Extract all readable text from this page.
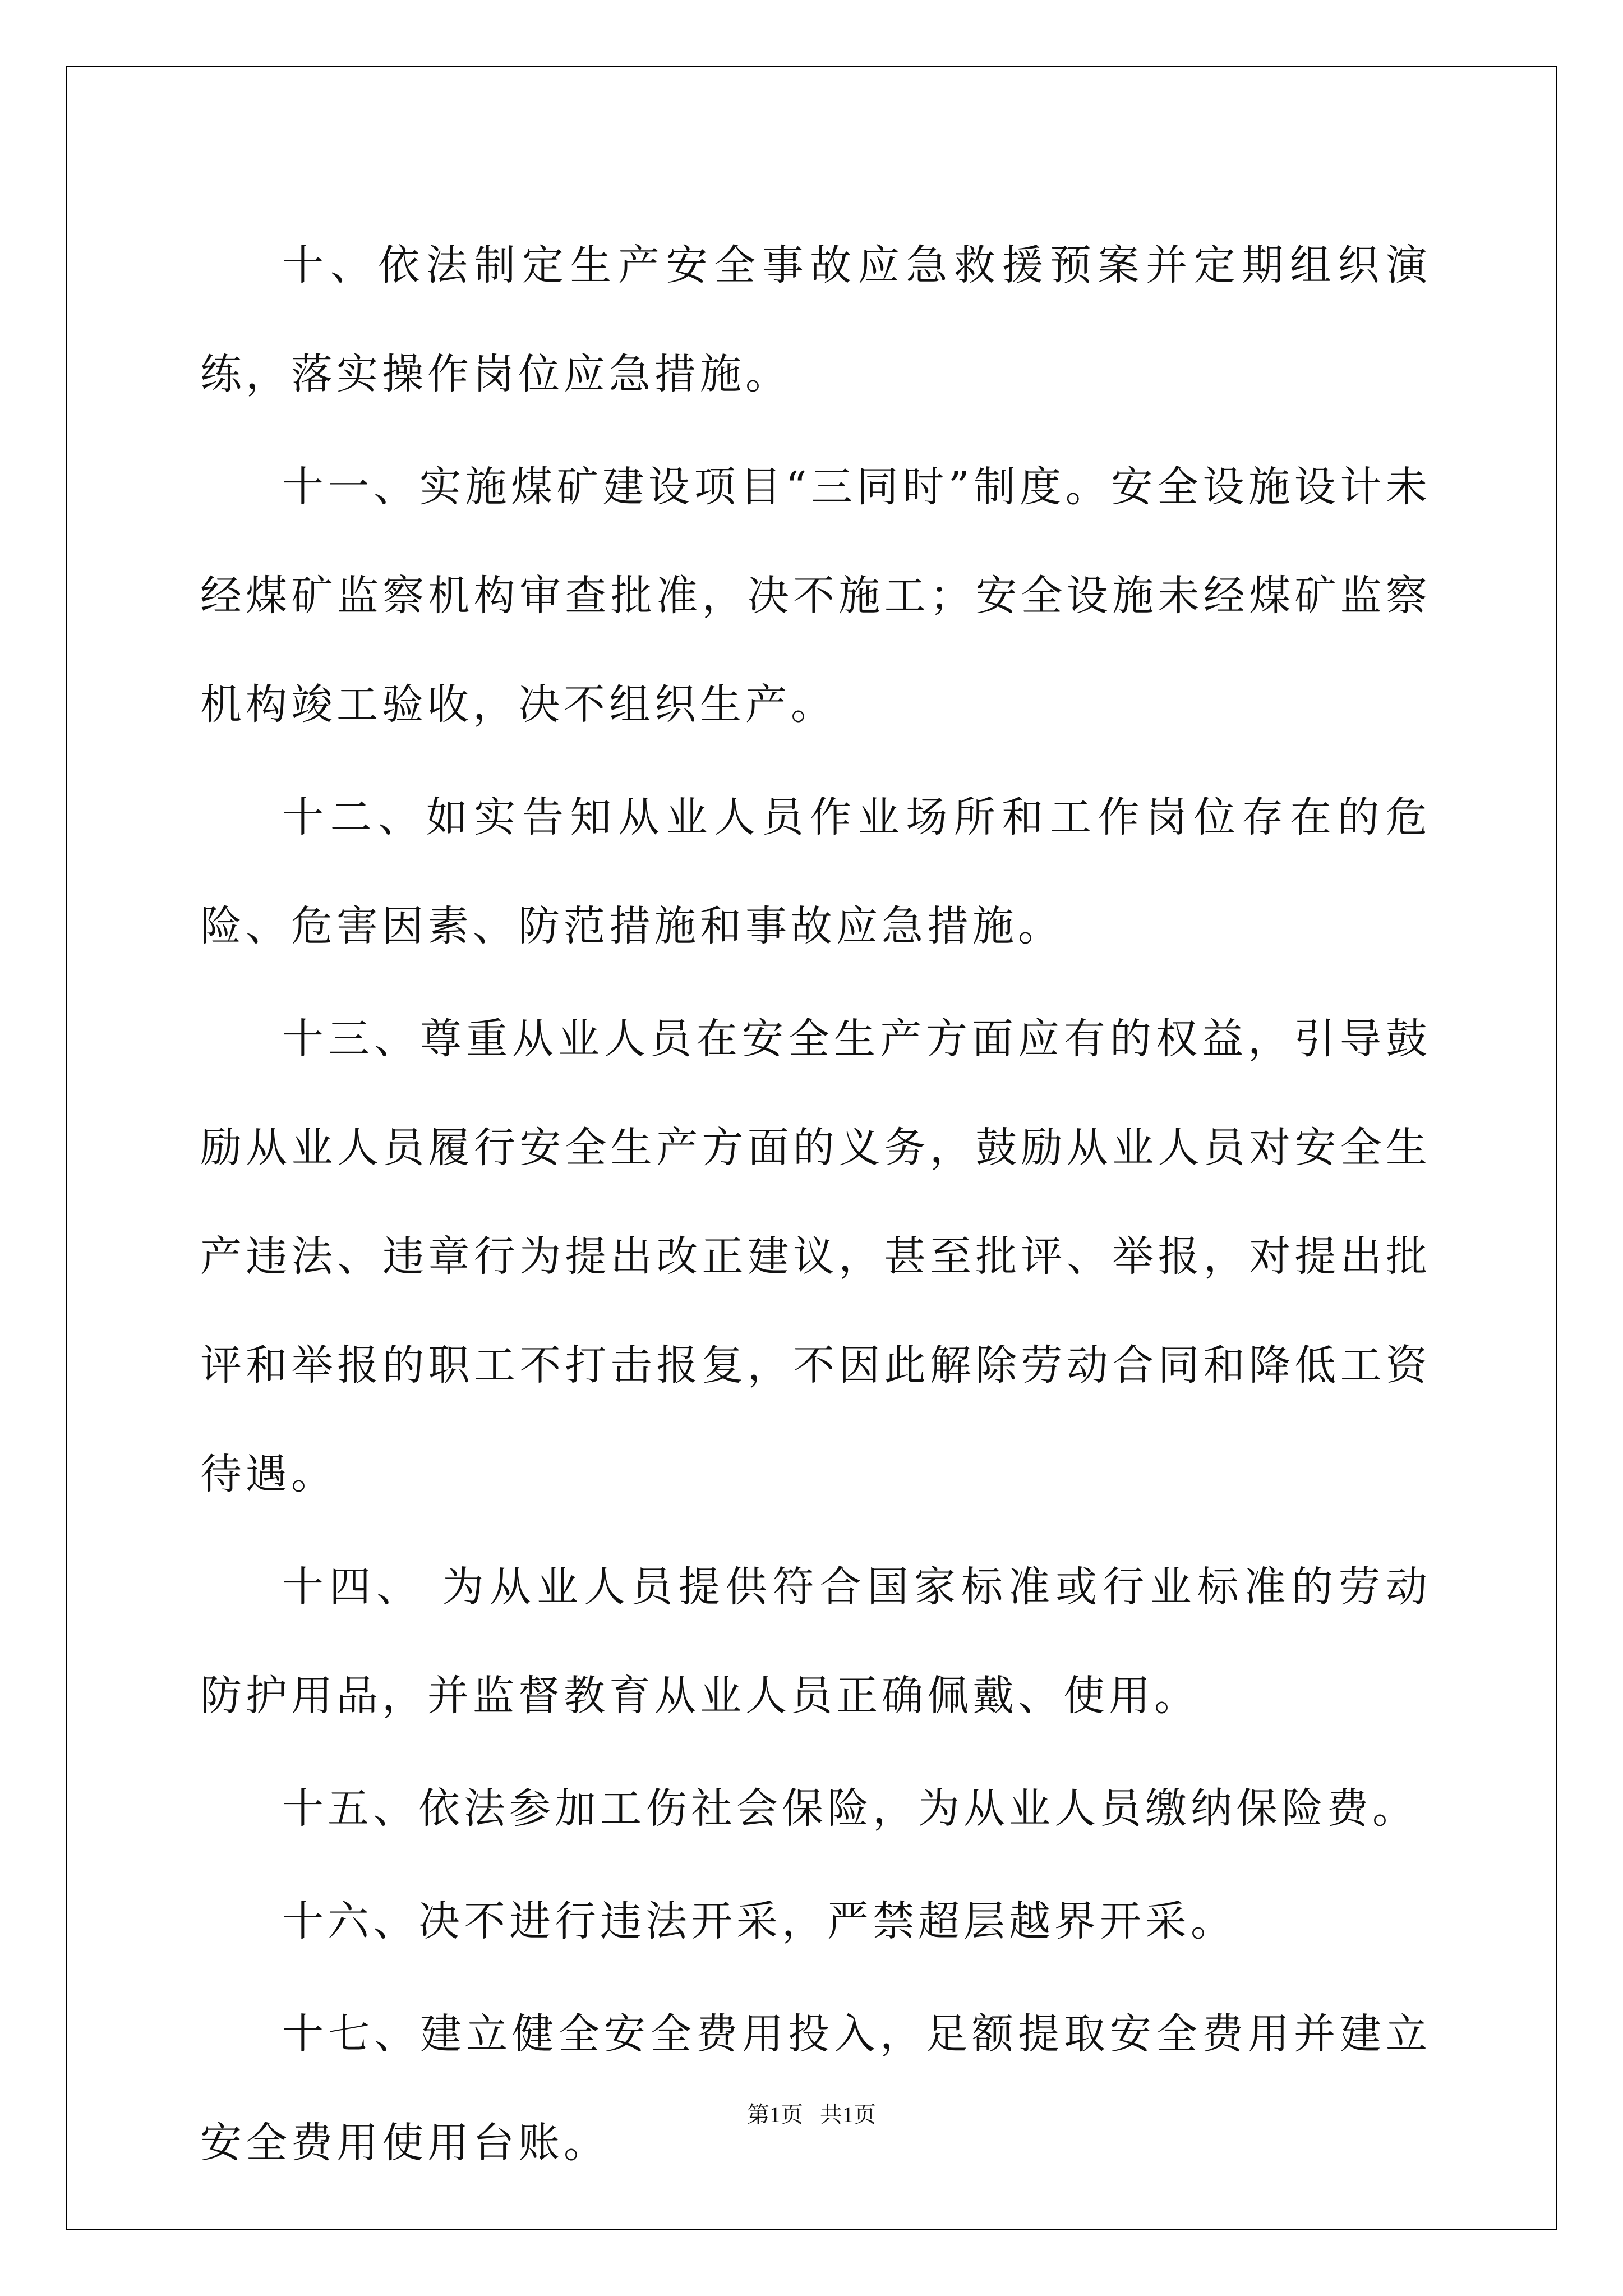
十、依法制定生产安全事故应急救援预案并定期组织演练，落实操作岗位应急措施。

十一、实施煤矿建设项目“三同时”制度。安全设施设计未经煤矿监察机构审查批准，决不施工；安全设施未经煤矿监察机构竣工验收，决不组织生产。

十二、如实告知从业人员作业场所和工作岗位存在的危险、危害因素、防范措施和事故应急措施。

十三、尊重从业人员在安全生产方面应有的权益，引导鼓励从业人员履行安全生产方面的义务，鼓励从业人员对安全生产违法、违章行为提出改正建议，甚至批评、举报，对提出批评和举报的职工不打击报复，不因此解除劳动合同和降低工资待遇。

十四、 为从业人员提供符合国家标准或行业标准的劳动防护用品，并监督教育从业人员正确佩戴、使用。

十五、依法参加工伤社会保险，为从业人员缴纳保险费。

十六、决不进行违法开采，严禁超层越界开采。

十七、建立健全安全费用投入，足额提取安全费用并建立安全费用使用台账。

第1页   共1页
